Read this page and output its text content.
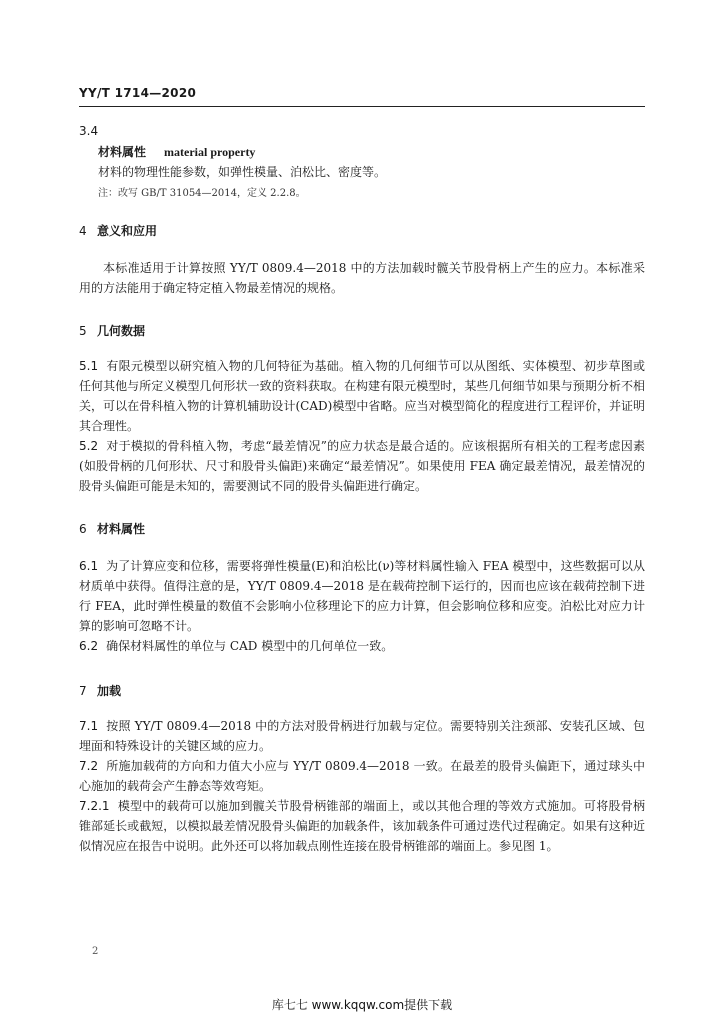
YY/T 1714—2020
3.4
材料属性 material property
材料的物理性能参数，如弹性模量、泊松比、密度等。
注：改写 GB/T 31054—2014，定义 2.2.8。
4 意义和应用

本标准适用于计算按照 YY/T 0809.4—2018 中的方法加载时髋关节股骨柄上产生的应力。本标准采用的方法能用于确定特定植入物最差情况的规格。

5 几何数据

5.1 有限元模型以研究植入物的几何特征为基础。植入物的几何细节可以从图纸、实体模型、初步草图或任何其他与所定义模型几何形状一致的资料获取。在构建有限元模型时，某些几何细节如果与预期分析不相关，可以在骨科植入物的计算机辅助设计(CAD)模型中省略。应当对模型简化的程度进行工程评价，并证明其合理性。

5.2 对于模拟的骨科植入物，考虑“最差情况”的应力状态是最合适的。应该根据所有相关的工程考虑因素(如股骨柄的几何形状、尺寸和股骨头偏距)来确定“最差情况”。如果使用 FEA 确定最差情况，最差情况的股骨头偏距可能是未知的，需要测试不同的股骨头偏距进行确定。

6 材料属性

6.1 为了计算应变和位移，需要将弹性模量(E)和泊松比(ν)等材料属性输入 FEA 模型中，这些数据可以从材质单中获得。值得注意的是，YY/T 0809.4—2018 是在载荷控制下运行的，因而也应该在载荷控制下进行 FEA，此时弹性模量的数值不会影响小位移理论下的应力计算，但会影响位移和应变。泊松比对应力计算的影响可忽略不计。

6.2 确保材料属性的单位与 CAD 模型中的几何单位一致。

7 加载

7.1 按照 YY/T 0809.4—2018 中的方法对股骨柄进行加载与定位。需要特别关注颈部、安装孔区域、包埋面和特殊设计的关键区域的应力。

7.2 所施加载荷的方向和力值大小应与 YY/T 0809.4—2018 一致。在最差的股骨头偏距下，通过球头中心施加的载荷会产生静态等效弯矩。

7.2.1 模型中的载荷可以施加到髋关节股骨柄锥部的端面上，或以其他合理的等效方式施加。可将股骨柄锥部延长或截短，以模拟最差情况股骨头偏距的加载条件，该加载条件可通过迭代过程确定。如果有这种近似情况应在报告中说明。此外还可以将加载点刚性连接在股骨柄锥部的端面上。参见图 1。

2
库七七 www.kqqw.com提供下载
